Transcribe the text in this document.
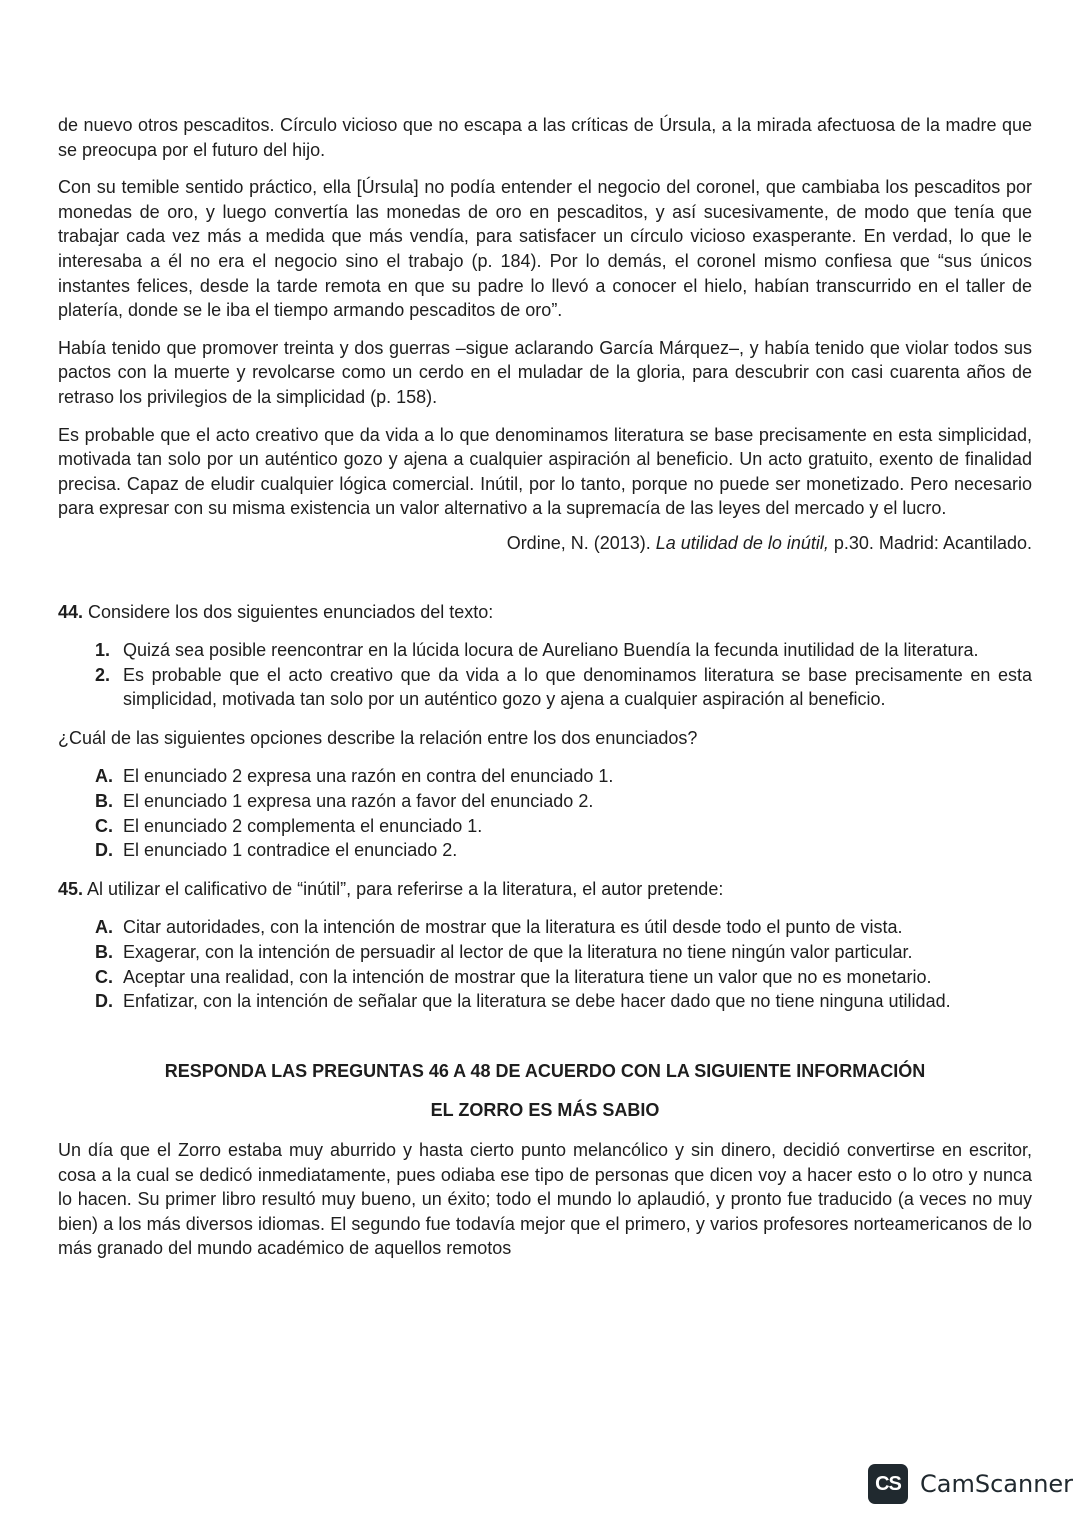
de nuevo otros pescaditos. Círculo vicioso que no escapa a las críticas de Úrsula, a la mirada afectuosa de la madre que se preocupa por el futuro del hijo.

Con su temible sentido práctico, ella [Úrsula] no podía entender el negocio del coronel, que cambiaba los pescaditos por monedas de oro, y luego convertía las monedas de oro en pescaditos, y así sucesivamente, de modo que tenía que trabajar cada vez más a medida que más vendía, para satisfacer un círculo vicioso exasperante. En verdad, lo que le interesaba a él no era el negocio sino el trabajo (p. 184). Por lo demás, el coronel mismo confiesa que “sus únicos instantes felices, desde la tarde remota en que su padre lo llevó a conocer el hielo, habían transcurrido en el taller de platería, donde se le iba el tiempo armando pescaditos de oro”.

Había tenido que promover treinta y dos guerras –sigue aclarando García Márquez–, y había tenido que violar todos sus pactos con la muerte y revolcarse como un cerdo en el muladar de la gloria, para descubrir con casi cuarenta años de retraso los privilegios de la simplicidad (p. 158).

Es probable que el acto creativo que da vida a lo que denominamos literatura se base precisamente en esta simplicidad, motivada tan solo por un auténtico gozo y ajena a cualquier aspiración al beneficio. Un acto gratuito, exento de finalidad precisa. Capaz de eludir cualquier lógica comercial. Inútil, por lo tanto, porque no puede ser monetizado. Pero necesario para expresar con su misma existencia un valor alternativo a la supremacía de las leyes del mercado y el lucro.

Ordine, N. (2013). La utilidad de lo inútil, p.30. Madrid: Acantilado.

44. Considere los dos siguientes enunciados del texto:

1. Quizá sea posible reencontrar en la lúcida locura de Aureliano Buendía la fecunda inutilidad de la literatura.
2. Es probable que el acto creativo que da vida a lo que denominamos literatura se base precisamente en esta simplicidad, motivada tan solo por un auténtico gozo y ajena a cualquier aspiración al beneficio.

¿Cuál de las siguientes opciones describe la relación entre los dos enunciados?

A. El enunciado 2 expresa una razón en contra del enunciado 1.
B. El enunciado 1 expresa una razón a favor del enunciado 2.
C. El enunciado 2 complementa el enunciado 1.
D. El enunciado 1 contradice el enunciado 2.

45. Al utilizar el calificativo de “inútil”, para referirse a la literatura, el autor pretende:

A. Citar autoridades, con la intención de mostrar que la literatura es útil desde todo el punto de vista.
B. Exagerar, con la intención de persuadir al lector de que la literatura no tiene ningún valor particular.
C. Aceptar una realidad, con la intención de mostrar que la literatura tiene un valor que no es monetario.
D. Enfatizar, con la intención de señalar que la literatura se debe hacer dado que no tiene ninguna utilidad.

RESPONDA LAS PREGUNTAS 46 A 48 DE ACUERDO CON LA SIGUIENTE INFORMACIÓN

EL ZORRO ES MÁS SABIO

Un día que el Zorro estaba muy aburrido y hasta cierto punto melancólico y sin dinero, decidió convertirse en escritor, cosa a la cual se dedicó inmediatamente, pues odiaba ese tipo de personas que dicen voy a hacer esto o lo otro y nunca lo hacen. Su primer libro resultó muy bueno, un éxito; todo el mundo lo aplaudió, y pronto fue traducido (a veces no muy bien) a los más diversos idiomas. El segundo fue todavía mejor que el primero, y varios profesores norteamericanos de lo más granado del mundo académico de aquellos remotos

CS CamScanner
